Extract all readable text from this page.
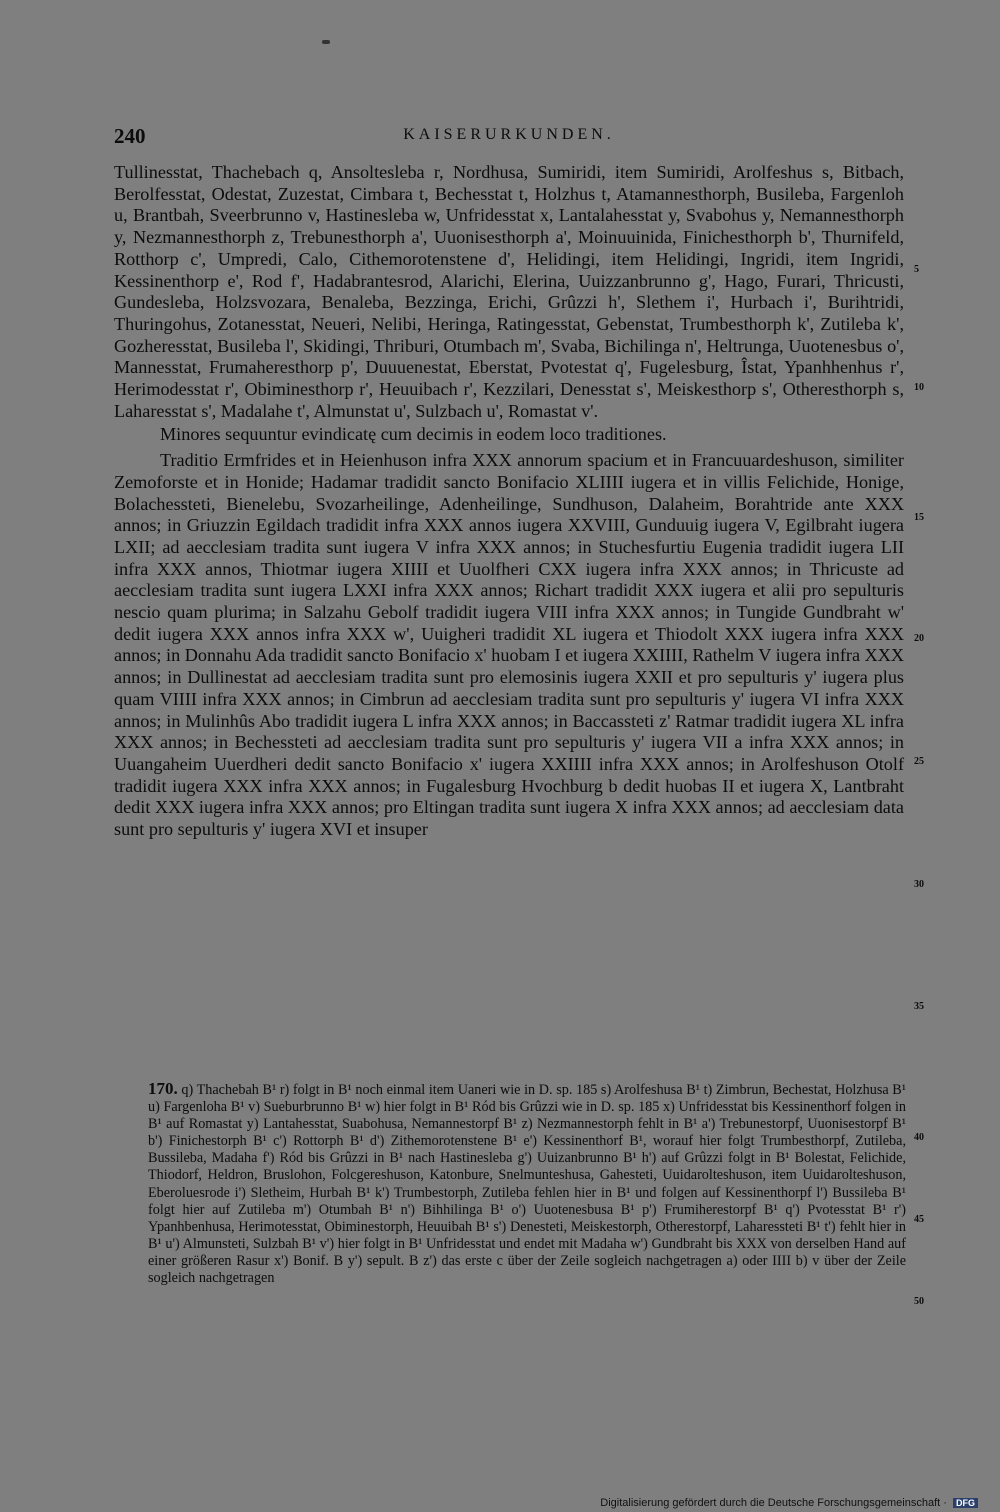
240	KAISERURKUNDEN.

Tullinesstat, Thachebach q, Ansoltesleba r, Nordhusa, Sumiridi, item Sumiridi, Arolfeshus s, Bitbach, Berolfesstat, Odestat, Zuzestat, Cimbara t, Bechesstat t, Holzhus t, Atamannesthorph, Busileba, Fargenloh u, Brantbah, Sveerbrunno v, Hastinesleba w, Unfridesstat x, Lantalahesstat y, Svabohus y, Nemannesthorph y, Nezmannesthorph z, Trebunesthorph a', Uuonisesthorph a', Moinuuinida, Finichesthorph b', Thurnifeld, Rotthorp c', Umpredi, Calo, Cithemorotenstene d', Helidingi, item Helidingi, Ingridi, item Ingridi, Kessinenthorp e', Rod f', Hadabrantesrod, Alarichi, Elerina, Uuizzanbrunno g', Hago, Furari, Thricusti, Gundesleba, Holzsvozara, Benaleba, Bezzinga, Erichi, Grûzzi h', Slethem i', Hurbach i', Burihtridi, Thuringohus, Zotanesstat, Neueri, Nelibi, Heringa, Ratingesstat, Gebenstat, Trumbesthorph k', Zutileba k', Gozheresstat, Busileba l', Skidingi, Thriburi, Otumbach m', Svaba, Bichilinga n', Heltrunga, Uuotenesbus o', Mannesstat, Frumaheresthorp p', Duuuenestat, Eberstat, Pvotestat q', Fugelesburg, Îstat, Ypanhhenhus r', Herimodesstat r', Obiminesthorp r', Heuuibach r', Kezzilari, Denesstat s', Meiskesthorp s', Otheresthorph s, Laharesstat s', Madalahe t', Almunstat u', Sulzbach u', Romastat v'.

Minores sequuntur evindicatę cum decimis in eodem loco traditiones.

Traditio Ermfrides et in Heienhuson infra XXX annorum spacium et in Francuuardeshuson, similiter Zemoforste et in Honide; Hadamar tradidit sancto Bonifacio XLIIII iugera et in villis Felichide, Honige, Bolachessteti, Bienelebu, Svozarheilinge, Adenheilinge, Sundhuson, Dalaheim, Borahtride ante XXX annos; in Griuzzin Egildach tradidit infra XXX annos iugera XXVIII, Gunduuig iugera V, Egilbraht iugera LXII; ad aecclesiam tradita sunt iugera V infra XXX annos; in Stuchesfurtiu Eugenia tradidit iugera LII infra XXX annos, Thiotmar iugera XIIII et Uuolfheri CXX iugera infra XXX annos; in Thricuste ad aecclesiam tradita sunt iugera LXXI infra XXX annos; Richart tradidit XXX iugera et alii pro sepulturis nescio quam plurima; in Salzahu Gebolf tradidit iugera VIII infra XXX annos; in Tungide Gundbraht w' dedit iugera XXX annos infra XXX w', Uuigheri tradidit XL iugera et Thiodolt XXX iugera infra XXX annos; in Donnahu Ada tradidit sancto Bonifacio x' huobam I et iugera XXIIII, Rathelm V iugera infra XXX annos; in Dullinestat ad aecclesiam tradita sunt pro elemosinis iugera XXII et pro sepulturis y' iugera plus quam VIIII infra XXX annos; in Cimbrun ad aecclesiam tradita sunt pro sepulturis y' iugera VI infra XXX annos; in Mulinhûs Abo tradidit iugera L infra XXX annos; in Baccassteti z' Ratmar tradidit iugera XL infra XXX annos; in Bechessteti ad aecclesiam tradita sunt pro sepulturis y' iugera VII a infra XXX annos; in Uuangaheim Uuerdheri dedit sancto Bonifacio x' iugera XXIIII infra XXX annos; in Arolfeshuson Otolf tradidit iugera XXX infra XXX annos; in Fugalesburg Hvochburg b dedit huobas II et iugera X, Lantbraht dedit XXX iugera infra XXX annos; pro Eltingan tradita sunt iugera X infra XXX annos; ad aecclesiam data sunt pro sepulturis y' iugera XVI et insuper

5
10
15
20
25
30
35
40
45
50
170. q) Thachebah B¹ r) folgt in B¹ noch einmal item Uaneri wie in D. sp. 185 s) Arolfeshusa B¹ t) Zimbrun, Bechestat, Holzhusa B¹ u) Fargenloha B¹ v) Sueburbrunno B¹ w) hier folgt in B¹ Ród bis Grûzzi wie in D. sp. 185 x) Unfridesstat bis Kessinenthorf folgen in B¹ auf Romastat y) Lantahesstat, Suabohusa, Nemannestorpf B¹ z) Nezmannestorph fehlt in B¹ a') Trebunestorpf, Uuonisestorpf B¹ b') Finichestorph B¹ c') Rottorph B¹ d') Zithemorotenstene B¹ e') Kessinenthorf B¹, worauf hier folgt Trumbesthorpf, Zutileba, Bussileba, Madaha f') Ród bis Grûzzi in B¹ nach Hastinesleba g') Uuizanbrunno B¹ h') auf Grûzzi folgt in B¹ Bolestat, Felichide, Thiodorf, Heldron, Bruslohon, Folcgereshuson, Katonbure, Snelmunteshusa, Gahesteti, Uuidarolteshuson, item Uuidarolteshuson, Eberoluesrode i') Sletheim, Hurbah B¹ k') Trumbestorph, Zutileba fehlen hier in B¹ und folgen auf Kessinenthorpf l') Bussileba B¹ folgt hier auf Zutileba m') Otumbah B¹ n') Bihhilinga B¹ o') Uuotenesbusa B¹ p') Frumiherestorpf B¹ q') Pvotesstat B¹ r') Ypanhbenhusa, Herimotesstat, Obiminestorph, Heuuibah B¹ s') Denesteti, Meiskestorph, Otherestorpf, Laharessteti B¹ t') fehlt hier in B¹ u') Almunsteti, Sulzbah B¹ v') hier folgt in B¹ Unfridesstat und endet mit Madaha w') Gundbraht bis XXX von derselben Hand auf einer größeren Rasur x') Bonif. B y') sepult. B z') das erste c über der Zeile sogleich nachgetragen a) oder IIII b) v über der Zeile sogleich nachgetragen
Digitalisierung gefördert durch die Deutsche Forschungsgemeinschaft · DFG
